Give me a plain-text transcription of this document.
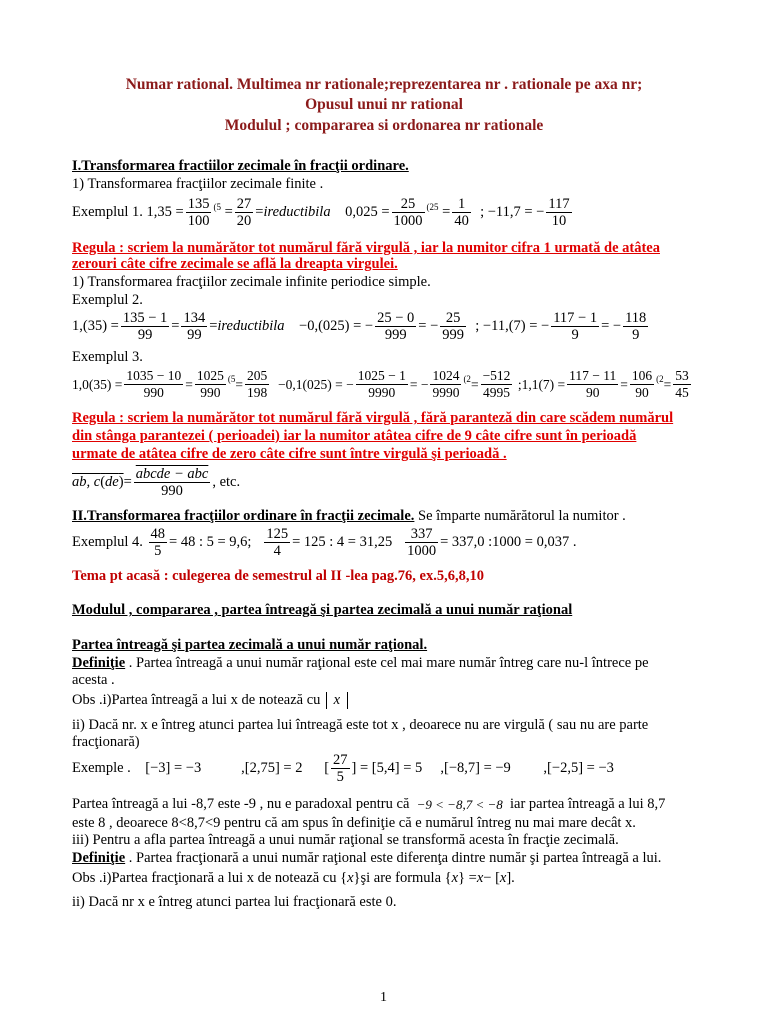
Numar rational. Multimea nr rationale;reprezentarea nr . rationale pe axa nr;
Opusul unui nr rational
Modulul ; compararea si ordonarea nr rationale
I.Transformarea fractiilor zecimale în fracţii ordinare.
1) Transformarea fracţiilor zecimale finite .
Exemplul 1. $1,35 = \frac{135}{100} (5 = \frac{27}{20}$ = ireductibila $0,025 = \frac{25}{1000} (25 = \frac{1}{40}$ ; −11,7 = − $\frac{117}{10}$
Regula : scriem la numărător tot numărul fără virgulă , iar la numitor cifra 1 urmată de atâtea
zerouri câte cifre zecimale se află la dreapta virgulei.
1) Transformarea fracţiilor zecimale infinite periodice simple.
Exemplul 2.
$1,(35) = \frac{135 - 1}{99} = \frac{134}{99}$ = ireductibila −0,(025) = − $\frac{25 - 0}{999}$ = − $\frac{25}{999}$ ; −11,(7) = − $\frac{117 - 1}{9}$ = − $\frac{118}{9}$
Exemplul 3.
$1,0(35) = \frac{1035 - 10}{990} = \frac{1025}{990} (5 = \frac{205}{198} -0,1(025)$ = − $\frac{1025 - 1}{9990}$ = − $\frac{1024}{9990} (2 = \frac{-512}{4995}$ ;1,1(7) = $\frac{117 - 11}{90} = \frac{106}{90} (2 = \frac{53}{45}$
Regula : scriem la numărător tot numărul fără virgulă , fără paranteză din care scădem numărul
din stânga parantezei ( perioadei) iar la numitor atâtea cifre de 9 câte cifre sunt în perioadă
urmate de atâtea cifre de zero câte cifre sunt între virgulă şi perioadă .
ab, $c(de) = \frac{\text{abcde − abc}}{990}$ , etc.
II.Transformarea fracţiilor ordinare în fracţii zecimale. Se împarte numărătorul la numitor .
Exemplul 4.
$\frac{48}{5} = 48$ : 5 = 9,6; $\frac{125}{4} = 125$ : $4 = 31,25 \frac{337}{1000} = 337,0$ :1000 = 0,037 .
Tema pt acasă : culegerea de semestrul al II -lea pag.76, ex.5,6,8,10
Modulul , compararea , partea întreagă şi partea zecimală a unui număr raţional
Partea întreagă şi partea zecimală a unui număr raţional.
Definiţie . Partea întreagă a unui număr raţional este cel mai mare număr întreg care nu-l întrece pe
acesta .
Obs .i)Partea întreagă a lui x de notează cu
x
ii) Dacă nr. x e întreg atunci partea lui întreagă este tot x , deoarece nu are virgulă ( sau nu are parte
fracţionară)
Exemple . [−3] = −3           ,[2,75] = 2      [ $\frac{27}{5}$ ] = [5,4] = 5     ,[−8,7] = −9         ,[−2,5] = −3
Partea întreagă a lui -8,7 este -9 , nu e paradoxal pentru că
−9 < −8,7 < −8
iar partea întreagă a lui 8,7
este 8 , deoarece 8<8,7<9 pentru că am spus în definiţie că e numărul întreg nu mai mare decât x.
iii) Pentru a afla partea întreagă a unui număr raţional se transformă acesta în fracţie zecimală.
Definiţie . Partea fracţionară a unui număr raţional este diferenţa dintre număr şi partea întreagă a lui.
Obs .i)Partea fracţionară a lui x de notează cu { x } şi are formula { x } = x − [ x ].
ii) Dacă nr x e întreg atunci partea lui fracţionară este 0.
1
